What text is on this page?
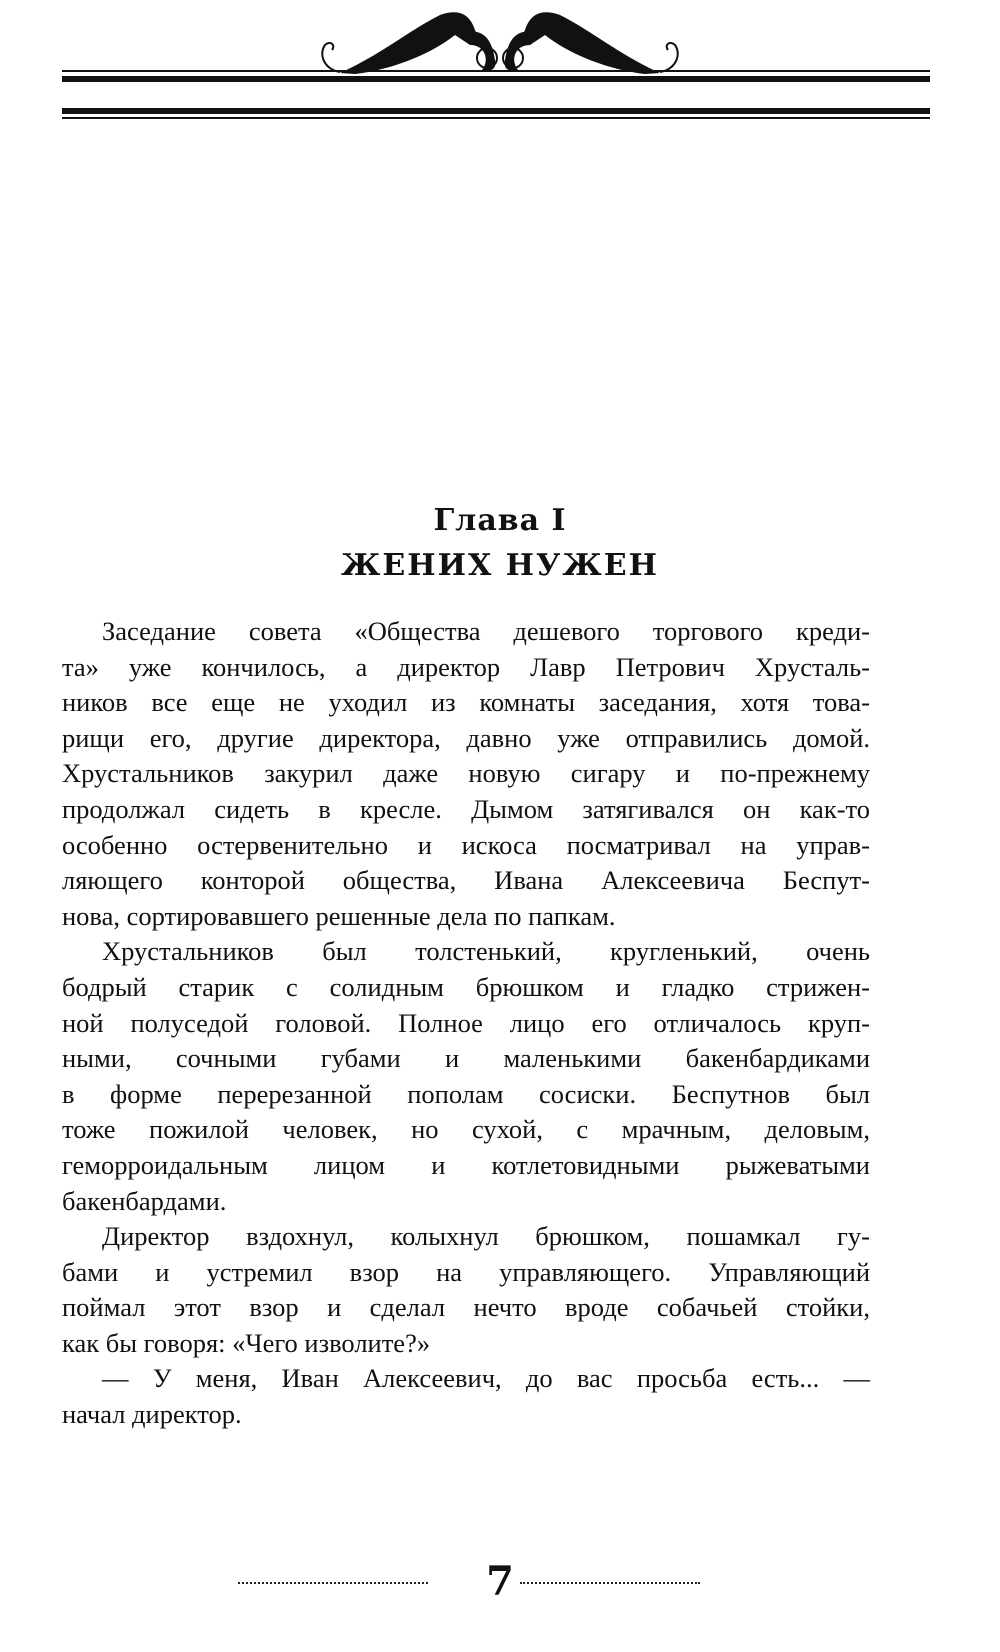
Глава I
ЖЕНИХ НУЖЕН
Заседание совета «Общества дешевого торгового креди-
та» уже кончилось, а директор Лавр Петрович Хрусталь-
ников все еще не уходил из комнаты заседания, хотя това-
рищи его, другие директора, давно уже отправились домой.
Хрустальников закурил даже новую сигару и по-прежнему
продолжал сидеть в кресле. Дымом затягивался он как-то
особенно остервенительно и искоса посматривал на управ-
ляющего конторой общества, Ивана Алексеевича Беспут-
нова, сортировавшего решенные дела по папкам.
Хрустальников был толстенький, кругленький, очень
бодрый старик с солидным брюшком и гладко стрижен-
ной полуседой головой. Полное лицо его отличалось круп-
ными, сочными губами и маленькими бакенбардиками
в форме перерезанной пополам сосиски. Беспутнов был
тоже пожилой человек, но сухой, с мрачным, деловым,
геморроидальным лицом и котлетовидными рыжеватыми
бакенбардами.
Директор вздохнул, колыхнул брюшком, пошамкал гу-
бами и устремил взор на управляющего. Управляющий
поймал этот взор и сделал нечто вроде собачьей стойки,
как бы говоря: «Чего изволите?»
— У меня, Иван Алексеевич, до вас просьба есть... —
начал директор.
7
